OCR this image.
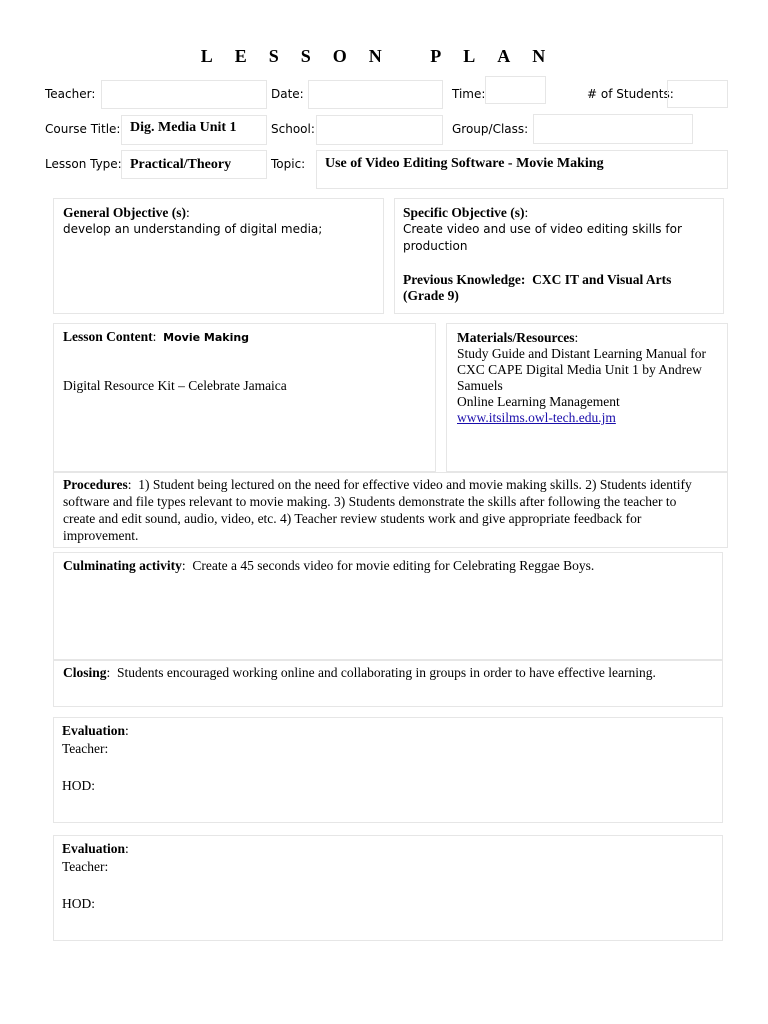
LESSON PLAN
Teacher:	Date:	Time:	# of Students:
Course Title: Dig. Media Unit 1	School:	Group/Class:
Lesson Type: Practical/Theory	Topic: Use of Video Editing Software - Movie Making
General Objective (s):
develop an understanding of digital media;
Specific Objective (s):
Create video and use of video editing skills for
production
Previous Knowledge: CXC IT and Visual Arts
(Grade 9)
Lesson Content:  Movie Making
Digital Resource Kit – Celebrate Jamaica
Materials/Resources:
Study Guide and Distant Learning Manual for
CXC CAPE Digital Media Unit 1 by Andrew
Samuels
Online Learning Management
www.itsilms.owl-tech.edu.jm
Procedures:  1) Student being lectured on the need for effective video and movie making skills. 2) Students identify
software and file types relevant to movie making. 3) Students demonstrate the skills after following the teacher to
create and edit sound, audio, video, etc. 4) Teacher review students work and give appropriate feedback for
improvement.
Culminating activity:  Create a 45 seconds video for movie editing for Celebrating Reggae Boys.
Closing:  Students encouraged working online and collaborating in groups in order to have effective learning.
Evaluation:
Teacher:
HOD:
Evaluation:
Teacher:
HOD:
